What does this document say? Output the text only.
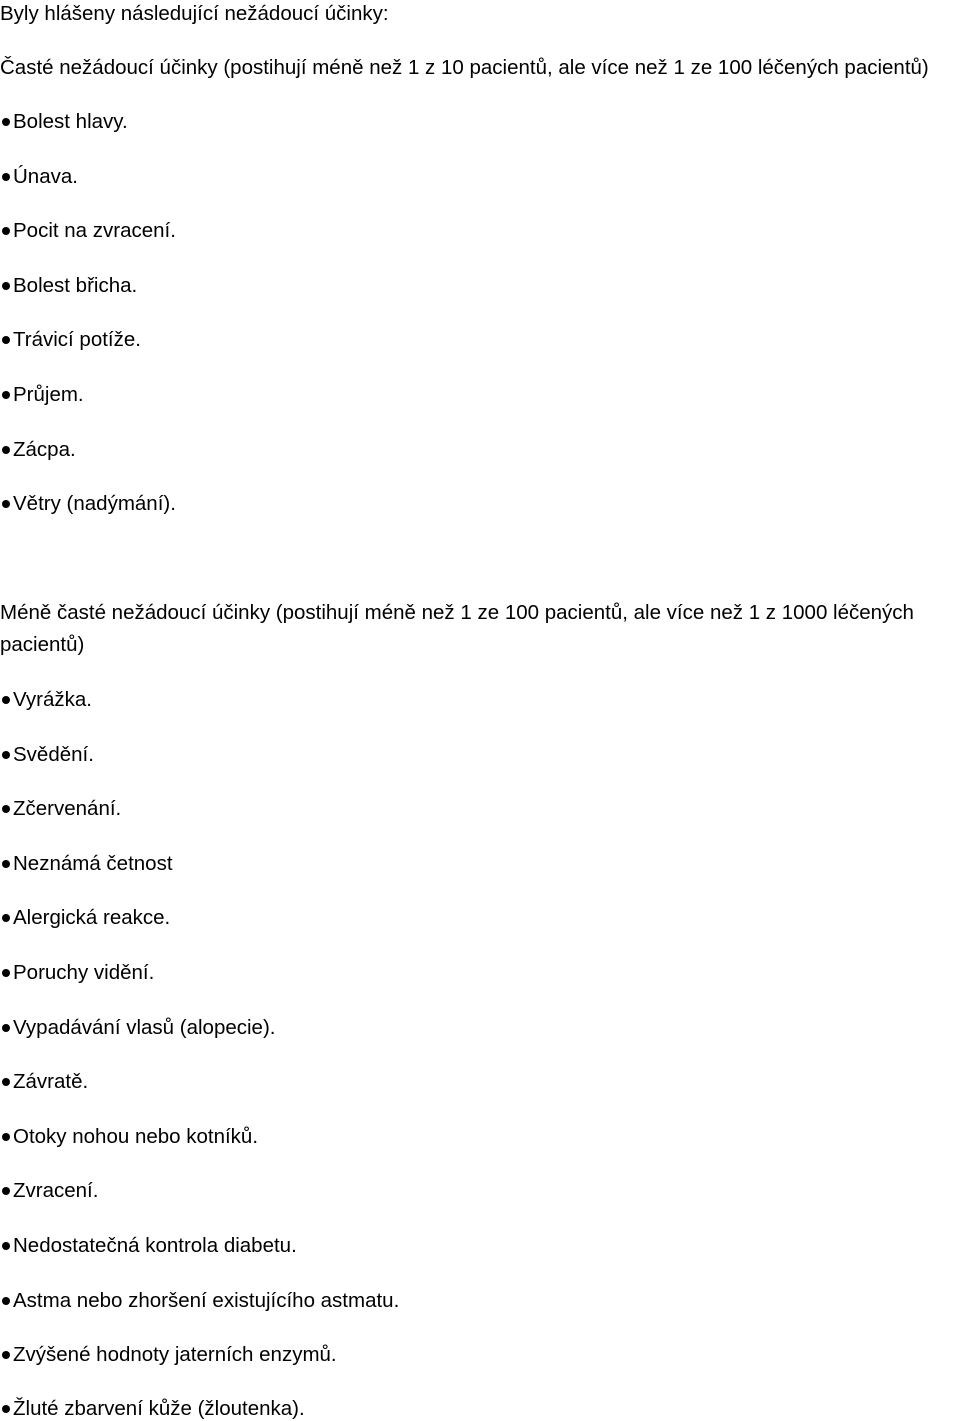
Byly hlášeny následující nežádoucí účinky:
Časté nežádoucí účinky (postihují méně než 1 z 10 pacientů, ale více než 1 ze 100 léčených pacientů)
Bolest hlavy.
Únava.
Pocit na zvracení.
Bolest břicha.
Trávicí potíže.
Průjem.
Zácpa.
Větry (nadýmání).
Méně časté nežádoucí účinky (postihují méně než 1 ze 100 pacientů, ale více než 1 z 1000 léčených
pacientů)
Vyrážka.
Svědění.
Zčervenání.
Neznámá četnost
Alergická reakce.
Poruchy vidění.
Vypadávání vlasů (alopecie).
Závratě.
Otoky nohou nebo kotníků.
Zvracení.
Nedostatečná kontrola diabetu.
Astma nebo zhoršení existujícího astmatu.
Zvýšené hodnoty jaterních enzymů.
Žluté zbarvení kůže (žloutenka).
